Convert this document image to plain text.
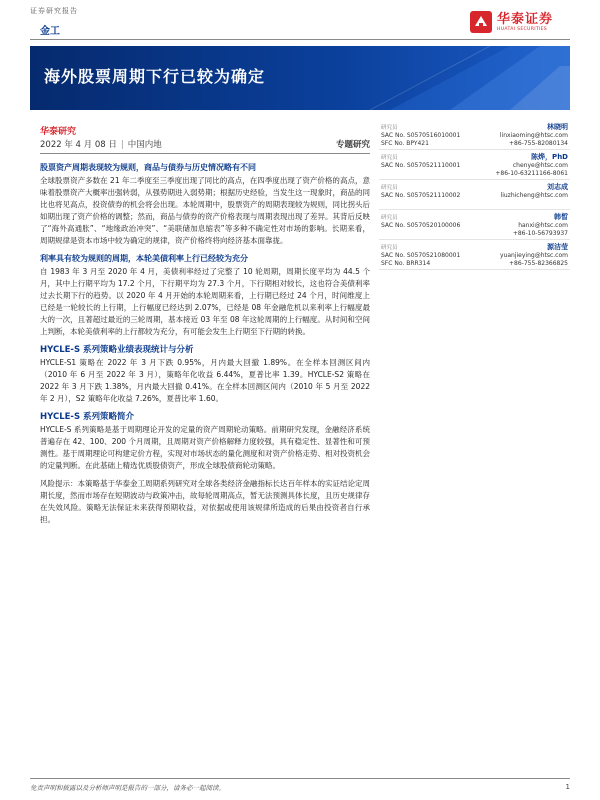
证券研究报告
金工
华泰证券
HUATAI SECURITIES
海外股票周期下行已较为确定
华泰研究
2022 年 4 月 08 日 | 中国内地	专题研究
股票资产周期表现较为规则，商品与债券与历史情况略有不同
全球股票资产多数在 21 年二季度至三季度出现了同比的高点，在四季度出现了资产价格的高点，意味着股票资产大概率出强转弱，从强势期进入弱势期；根据历史经验，当发生这一现象时，商品的同比也将见高点，投资债券的机会将会出现。本轮周期中，股票资产的周期表现较为规则，同比拐头后如期出现了资产价格的调整；然而，商品与债券的资产价格表现与周期表现出现了差异。其背后反映了“海外高通胀”、“地缘政治冲突”、“美联储加息缩表”等多种不确定性对市场的影响。长期来看，周期规律是资本市场中较为确定的规律，资产价格终将向经济基本面靠拢。
利率具有较为规则的周期，本轮美债利率上行已经较为充分
自 1983 年 3 月至 2020 年 4 月，美债利率经过了完整了 10 轮周期，周期长度平均为 44.5 个月，其中上行期平均为 17.2 个月，下行期平均为 27.3 个月，下行期相对较长，这也符合美债利率过去长期下行的趋势。以 2020 年 4 月开始的本轮周期来看，上行期已经过 24 个月，时间维度上已经是一轮较长的上行期，上行幅度已经达到 2.07%，已经是 08 年金融危机以来利率上行幅度最大的一次，且著超过最近的三轮周期，基本接近 03 年至 08 年这轮周期的上行幅度。从时间和空间上判断，本轮美债利率的上行都较为充分，有可能会发生上行期至下行期的转换。
HYCLE-S 系列策略业绩表现统计与分析
HYCLE-S1 策略在 2022 年 3 月下跌 0.95%，月内最大回撤 1.89%。在全样本回测区间内（2010 年 6 月至 2022 年 3 月），策略年化收益 6.44%，夏普比率 1.39。HYCLE-S2 策略在 2022 年 3 月下跌 1.38%，月内最大回撤 0.41%。在全样本回测区间内（2010 年 5 月至 2022 年 2 月），S2 策略年化收益 7.26%，夏普比率 1.60。
HYCLE-S 系列策略简介
HYCLE-S 系列策略是基于周期理论开发的定量的资产周期轮动策略。前期研究发现，金融经济系统普遍存在 42、100、200 个月周期，且周期对资产价格解释力度较强，具有稳定性、显著性和可预测性。基于周期理论可构建定价方程，实现对市场状态的量化测度和对资产价格走势、相对投资机会的定量判断。在此基础上精选优质股债资产，形成全球股债商轮动策略。
风险提示：本策略基于华泰金工周期系列研究对全球各类经济金融指标长达百年样本的实证结论定周期长度，然而市场存在短期波动与政策冲击，故每轮周期高点，暂无法预测具体长度，且历史规律存在失效风险。策略无法保证未来获得预期收益，对依据或使用该规律所造成的后果由投资者自行承担。
研究员	林晓明
SAC No. S0570516010001	linxiaoming@htsc.com
SFC No. BPY421	+86-755-82080134
研究员	陈烨，PhD
SAC No. S0570521110001	chenye@htsc.com
+86-10-63211166-8061
研究员	刘志成
SAC No. S0570521110002	liuzhicheng@htsc.com
研究员	韩晳
SAC No. S0570520100006	hanxi@htsc.com
+86-10-56793937
研究员	源洁莹
SAC No. S0570521080001	yuanjieying@htsc.com
SFC No. BRR314	+86-755-82366825
免责声明和披露以及分析师声明是报告的一部分，请务必一起阅读。	1
